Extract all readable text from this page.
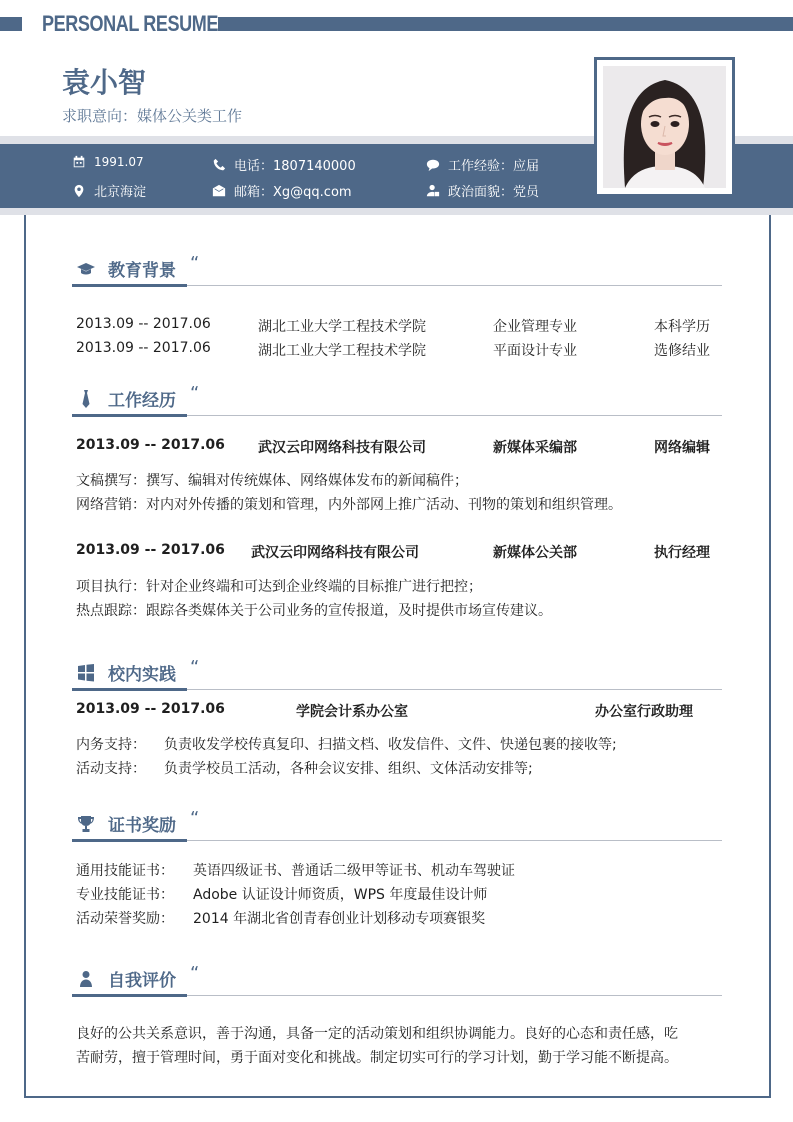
PERSONAL RESUME
袁小智
求职意向：媒体公关类工作
1991.07
北京海淀
电话：1807140000
邮箱：Xg@qq.com
工作经验：应届
政治面貌：党员
教育背景 “
2013.09 -- 2017.06	湖北工业大学工程技术学院	企业管理专业	本科学历
2013.09 -- 2017.06	湖北工业大学工程技术学院	平面设计专业	选修结业
工作经历 “
2013.09 -- 2017.06 武汉云印网络科技有限公司	新媒体采编部	网络编辑
文稿撰写：撰写、编辑对传统媒体、网络媒体发布的新闻稿件；
网络营销：对内对外传播的策划和管理，内外部网上推广活动、刊物的策划和组织管理。
2013.09 -- 2017.06 武汉云印网络科技有限公司	新媒体公关部	执行经理
项目执行：针对企业终端和可达到企业终端的目标推广进行把控；
热点跟踪：跟踪各类媒体关于公司业务的宣传报道，及时提供市场宣传建议。
校内实践 “
2013.09 -- 2017.06	学院会计系办公室	办公室行政助理
内务支持： 负责收发学校传真复印、扫描文档、收发信件、文件、快递包裹的接收等;
活动支持： 负责学校员工活动，各种会议安排、组织、文体活动安排等;
证书奖励 “
通用技能证书： 英语四级证书、普通话二级甲等证书、机动车驾驶证
专业技能证书： Adobe 认证设计师资质，WPS 年度最佳设计师
活动荣誉奖励： 2014 年湖北省创青春创业计划移动专项赛银奖
自我评价 “
良好的公共关系意识，善于沟通，具备一定的活动策划和组织协调能力。良好的心态和责任感，吃
苦耐劳，擅于管理时间，勇于面对变化和挑战。制定切实可行的学习计划，勤于学习能不断提高。
